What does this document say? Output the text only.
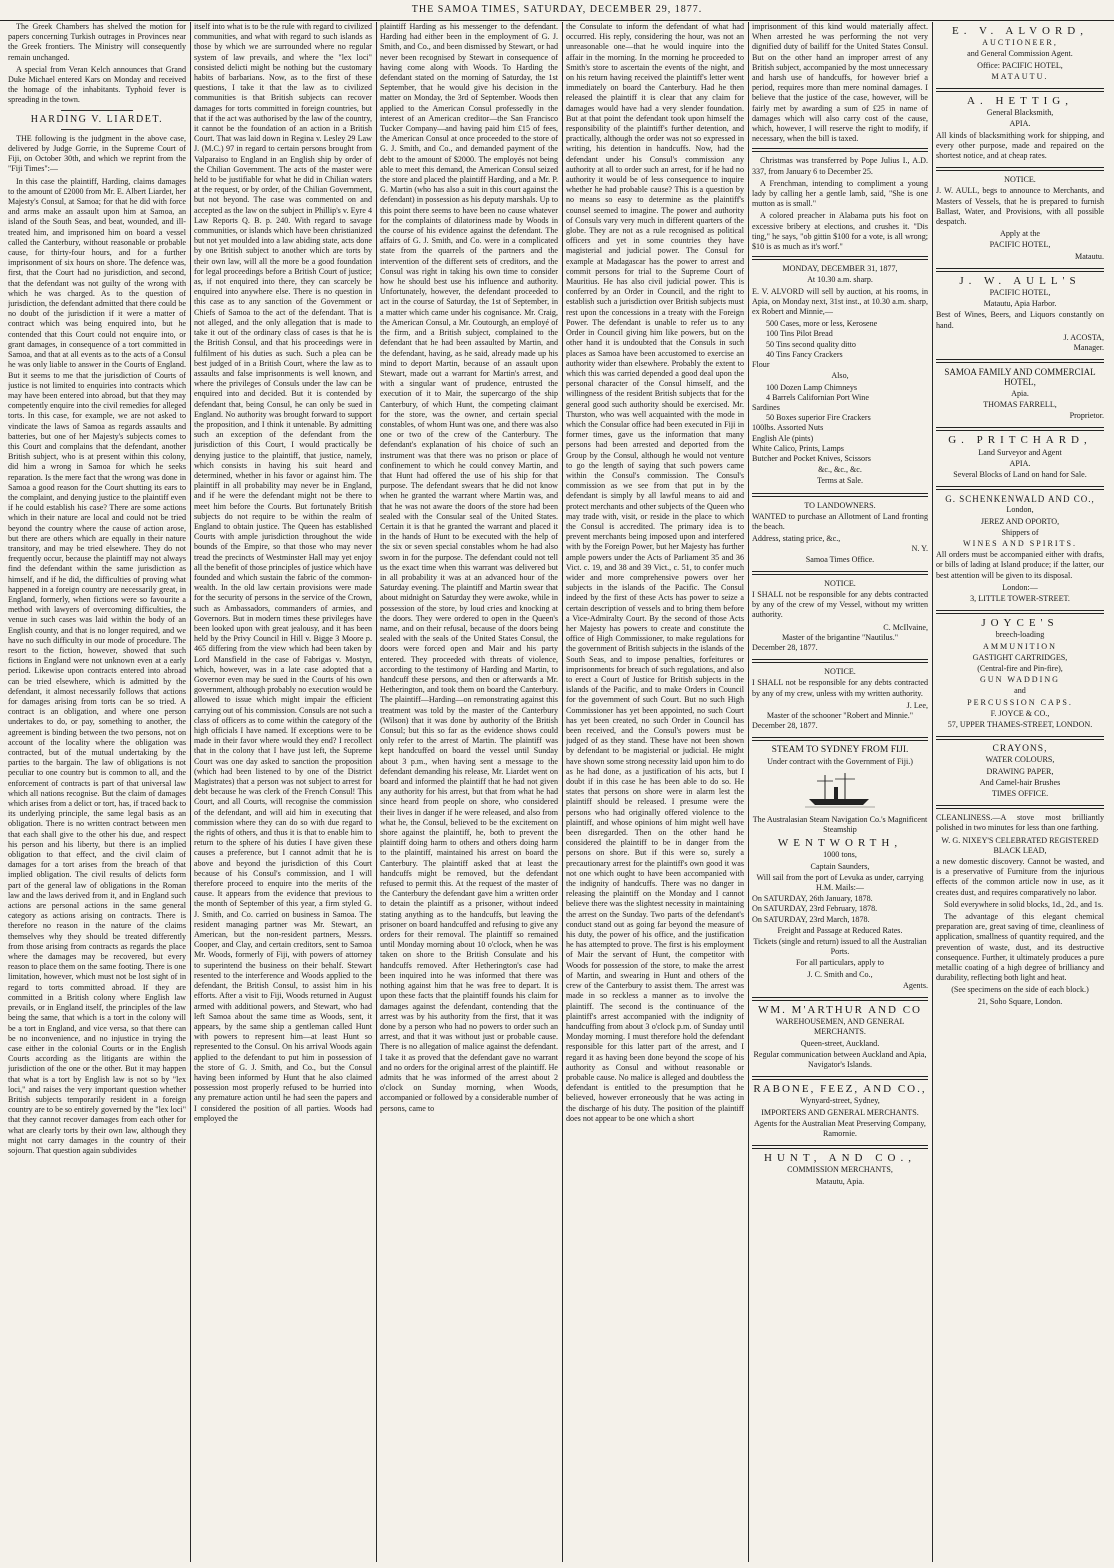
THE SAMOA TIMES, SATURDAY, DECEMBER 29, 1877.

The Greek Chambers has shelved the motion for papers concerning Turkish outrages in Provinces near the Greek frontiers. The Ministry will consequently remain unchanged.

A special from Veran Kelch announces that Grand Duke Michael entered Kars on Monday and received the homage of the inhabitants. Typhoid fever is spreading in the town.

HARDING V. LIARDET.

THE following is the judgment in the above case, delivered by Judge Gorrie, in the Supreme Court of Fiji, on October 30th, and which we reprint from the "Fiji Times":—

In this case the plaintiff, Harding, claims damages to the amount of £2000 from Mr. E. Albert Liardet, her Majesty's Consul, at Samoa; for that he did with force and arms make an assault upon him at Samoa, an island of the South Seas, and beat, wounded, and ill-treated him, and imprisoned him on board a vessel called the Canterbury, without reasonable or probable cause, for thirty-four hours, and for a further imprisonment of six hours on shore. The defence was, first, that the Court had no jurisdiction, and second, that the defendant was not guilty of the wrong with which he was charged. As to the question of jurisdiction, the defendant admitted that there could be no doubt of the jurisdiction if it were a matter of contract which was being enquired into, but he contended that this Court could not enquire into, or grant damages, in consequence of a tort committed in Samoa, and that at all events as to the acts of a Consul he was only liable to answer in the Courts of England. But it seems to me that the jurisdiction of Courts of justice is not limited to enquiries into contracts which may have been entered into abroad, but that they may competently enquire into the civil remedies for alleged torts. In this case, for example, we are not asked to vindicate the laws of Samoa as regards assaults and batteries, but one of her Majesty's subjects comes to this Court and complains that the defendant, another British subject, who is at present within this colony, did him a wrong in Samoa for which he seeks reparation. Is the mere fact that the wrong was done in Samoa a good reason for the Court shutting its ears to the complaint, and denying justice to the plaintiff even if he could establish his case? There are some actions which in their nature are local and could not be tried beyond the country where the cause of action arose, but there are others which are equally in their nature transitory, and may be tried elsewhere. They do not frequently occur, because the plaintiff may not always find the defendant within the same jurisdiction as himself, and if he did, the difficulties of proving what happened in a foreign country are necessarily great, in England, formerly, when fictions were so favourite a method with lawyers of overcoming difficulties, the venue in such cases was laid within the body of an English county, and that is no longer required, and we have no such difficulty in our mode of procedure. The resort to the fiction, however, showed that such fictions in England were not unknown even at a early period. Likewise upon contracts entered into abroad can be tried elsewhere, which is admitted by the defendant, it almost necessarily follows that actions for damages arising from torts can be so tried. A contract is an obligation, and where one person undertakes to do, or pay, something to another, the agreement is binding between the two persons, not on account of the locality where the obligation was contracted, but of the mutual undertaking by the parties to the bargain. The law of obligations is not peculiar to one country but is common to all, and the enforcement of contracts is part of that universal law which all nations recognise. But the claim of damages which arises from a delict or tort, has, if traced back to its underlying principle, the same legal basis as an obligation. There is no written contract between men that each shall give to the other his due, and respect his person and his liberty, but there is an implied obligation to that effect, and the civil claim of damages for a tort arises from the breach of that implied obligation. The civil results of delicts form part of the general law of obligations in the Roman law and the laws derived from it, and in England such actions are personal actions in the same general category as actions arising on contracts. There is therefore no reason in the nature of the claims themselves why they should be treated differently from those arising from contracts as regards the place where the damages may be recovered, but every reason to place them on the same footing. There is one limitation, however, which must not be lost sight of in regard to torts committed abroad. If they are committed in a British colony where English law prevails, or in England itself, the principles of the law being the same, that which is a tort in the colony will be a tort in England, and vice versa, so that there can be no inconvenience, and no injustice in trying the case either in the colonial Courts or in the English Courts according as the litigants are within the jurisdiction of the one or the other. But it may happen that what is a tort by English law is not so by "lex loci," and raises the very important question whether British subjects temporarily resident in a foreign country are to be so entirely governed by the "lex loci" that they cannot recover damages from each other for what are clearly torts by their own law, although they might not carry damages in the country of their sojourn. That question again subdivides

itself into what is to be the rule with regard to civilized communities, and what with regard to such islands as those by which we are surrounded where no regular system of law prevails, and where the "lex loci" consisted delicti might be nothing but the customary habits of barbarians. Now, as to the first of these questions, I take it that the law as to civilized communities is that British subjects can recover damages for torts committed in foreign countries, but that if the act was authorised by the law of the country, it cannot be the foundation of an action in a British Court. That was laid down in Regina v. Lesley 29 Law J. (M.C.) 97 in regard to certain persons brought from Valparaiso to England in an English ship by order of the Chilian Government. The acts of the master were held to be justifiable for what he did in Chilian waters at the request, or by order, of the Chilian Government, but not beyond. The case was commented on and accepted as the law on the subject in Phillip's v. Eyre 4 Law Reports Q. B. p. 240. With regard to savage communities, or islands which have been christianized but not yet moulded into a law abiding state, acts done by one British subject to another which are torts by their own law, will all the more be a good foundation for legal proceedings before a British Court of justice; as, if not enquired into there, they can scarcely be enquired into anywhere else. There is no question in this case as to any sanction of the Government or Chiefs of Samoa to the act of the defendant. That is not alleged, and the only allegation that is made to take it out of the ordinary class of cases is that he is the British Consul, and that his proceedings were in fulfilment of his duties as such. Such a plea can be best judged of in a British Court, where the law as to assaults and false imprisonments is well known, and where the privileges of Consuls under the law can be enquired into and decided. But it is contended by defendant that, being Consul, he can only be sued in England. No authority was brought forward to support the proposition, and I think it untenable. By admitting such an exception of the defendant from the jurisdiction of this Court, I would practically be denying justice to the plaintiff, that justice, namely, which consists in having his suit heard and determined, whether in his favor or against him. The plaintiff in all probability may never be in England, and if he were the defendant might not be there to meet him before the Courts. But fortunately British subjects do not require to be within the realm of England to obtain justice. The Queen has established Courts with ample jurisdiction throughout the wide bounds of the Empire, so that those who may never tread the precincts of Westminster Hall may yet enjoy all the benefit of those principles of justice which have founded and which sustain the fabric of the common-wealth. In the old law certain provisions were made for the security of persons in the service of the Crown, such as Ambassadors, commanders of armies, and Governors. But in modern times these privileges have been looked upon with great jealousy, and it has been held by the Privy Council in Hill v. Bigge 3 Moore p. 465 differing from the view which had been taken by Lord Mansfield in the case of Fabrigas v. Mostyn, which, however, was in a late case adopted that a Governor even may be sued in the Courts of his own government, although probably no execution would be allowed to issue which might impair the efficient carrying out of his commission. Consuls are not such a class of officers as to come within the category of the high officials I have named. If exceptions were to be made in their favor where would they end? I recollect that in the colony that I have just left, the Supreme Court was one day asked to sanction the proposition (which had been listened to by one of the District Magistrates) that a person was not subject to arrest for debt because he was clerk of the French Consul! This Court, and all Courts, will recognise the commission of the defendant, and will aid him in executing that commission where they can do so with due regard to the rights of others, and thus it is that to enable him to return to the sphere of his duties I have given these causes a preference, but I cannot admit that he is above and beyond the jurisdiction of this Court because of his Consul's commission, and I will therefore proceed to enquire into the merits of the cause. It appears from the evidence that previous to the month of September of this year, a firm styled G. J. Smith, and Co. carried on business in Samoa. The resident managing partner was Mr. Stewart, an American, but the non-resident partners, Messrs. Cooper, and Clay, and certain creditors, sent to Samoa Mr. Woods, formerly of Fiji, with powers of attorney to superintend the business on their behalf. Stewart resented to the interference and Woods applied to the defendant, the British Consul, to assist him in his efforts. After a visit to Fiji, Woods returned in August armed with additional powers, and Stewart, who had left Samoa about the same time as Woods, sent, it appears, by the same ship a gentleman called Hunt with powers to represent him—at least Hunt so represented to the Consul. On his arrival Woods again applied to the defendant to put him in possession of the store of G. J. Smith, and Co., but the Consul having been informed by Hunt that he also claimed possession most properly refused to be hurried into any premature action until he had seen the papers and I considered the position of all parties. Woods had employed the

plaintiff Harding as his messenger to the defendant. Harding had either been in the employment of G. J. Smith, and Co., and been dismissed by Stewart, or had never been recognised by Stewart in consequence of having come along with Woods. To Harding the defendant stated on the morning of Saturday, the 1st September, that he would give his decision in the matter on Monday, the 3rd of September. Woods then applied to the American Consul professedly in the interest of an American creditor—the San Francisco Tucker Company—and having paid him £15 of fees, the American Consul at once proceeded to the store of G. J. Smith, and Co., and demanded payment of the debt to the amount of $2000. The employés not being able to meet this demand, the American Consul seized the store and placed the plaintiff Harding, and a Mr. P. G. Martin (who has also a suit in this court against the defendant) in possession as his deputy marshals. Up to this point there seems to have been no cause whatever for the complaints of dilatoriness made by Woods in the course of his evidence against the defendant. The affairs of G. J. Smith, and Co. were in a complicated state from the quarrels of the partners and the intervention of the different sets of creditors, and the Consul was right in taking his own time to consider how he should best use his influence and authority. Unfortunately, however, the defendant proceeded to act in the course of Saturday, the 1st of September, in a matter which came under his cognisance. Mr. Craig, the American Consul, a Mr. Coutourgh, an employé of the firm, and a British subject, complained to the defendant that he had been assaulted by Martin, and the defendant, having, as he said, already made up his mind to deport Martin, because of an assault upon Stewart, made out a warrant for Martin's arrest, and with a singular want of prudence, entrusted the execution of it to Mair, the supercargo of the ship Canterbury, of which Hunt, the competing claimant for the store, was the owner, and certain special constables, of whom Hunt was one, and there was also one or two of the crew of the Canterbury. The defendant's explanation of his choice of such an instrument was that there was no prison or place of confinement to which he could convey Martin, and that Hunt had offered the use of his ship for that purpose. The defendant swears that he did not know when he granted the warrant where Martin was, and that he was not aware the doors of the store had been sealed with the Consular seal of the United States. Certain it is that he granted the warrant and placed it in the hands of Hunt to be executed with the help of the six or seven special constables whom he had also sworn in for the purpose. The defendant could not tell us the exact time when this warrant was delivered but in all probability it was at an advanced hour of the Saturday evening. The plaintiff and Martin swear that about midnight on Saturday they were awoke, while in possession of the store, by loud cries and knocking at the doors. They were ordered to open in the Queen's name, and on their refusal, because of the doors being sealed with the seals of the United States Consul, the doors were forced open and Mair and his party entered. They proceeded with threats of violence, according to the testimony of Harding and Martin, to handcuff these persons, and then or afterwards a Mr. Hetherington, and took them on board the Canterbury. The plaintiff—Harding—on remonstrating against this treatment was told by the master of the Canterbury (Wilson) that it was done by authority of the British Consul; but this so far as the evidence shows could only refer to the arrest of Martin. The plaintiff was kept handcuffed on board the vessel until Sunday about 3 p.m., when having sent a message to the defendant demanding his release, Mr. Liardet went on board and informed the plaintiff that he had not given any authority for his arrest, but that from what he had since heard from people on shore, who considered their lives in danger if he were released, and also from what he, the Consul, believed to be the excitement on shore against the plaintiff, he, both to prevent the plaintiff doing harm to others and others doing harm to the plaintiff, maintained his arrest on board the Canterbury. The plaintiff asked that at least the handcuffs might be removed, but the defendant refused to permit this. At the request of the master of the Canterbury the defendant gave him a written order to detain the plaintiff as a prisoner, without indeed stating anything as to the handcuffs, but leaving the prisoner on board handcuffed and refusing to give any orders for their removal. The plaintiff so remained until Monday morning about 10 o'clock, when he was taken on shore to the British Consulate and his handcuffs removed. After Hetherington's case had been inquired into he was informed that there was nothing against him that he was free to depart. It is upon these facts that the plaintiff founds his claim for damages against the defendant, contending that the arrest was by his authority from the first, that it was done by a person who had no powers to order such an arrest, and that it was without just or probable cause. There is no allegation of malice against the defendant. I take it as proved that the defendant gave no warrant and no orders for the original arrest of the plaintiff. He admits that he was informed of the arrest about 2 o'clock on Sunday morning, when Woods, accompanied or followed by a considerable number of persons, came to

the Consulate to inform the defendant of what had occurred. His reply, considering the hour, was not an unreasonable one—that he would inquire into the affair in the morning. In the morning he proceeded to Smith's store to ascertain the events of the night, and on his return having received the plaintiff's letter went immediately on board the Canterbury. Had he then released the plaintiff it is clear that any claim for damages would have had a very slender foundation. But at that point the defendant took upon himself the responsibility of the plaintiff's further detention, and practically, although the order was not so expressed in writing, his detention in handcuffs. Now, had the defendant under his Consul's commission any authority at all to order such an arrest, for if he had no authority it would be of less consequence to inquire whether he had probable cause? This is a question by no means so easy to determine as the plaintiff's counsel seemed to imagine. The power and authority of Consuls vary very much in different quarters of the globe. They are not as a rule recognised as political officers and yet in some countries they have magisterial and judicial power. The Consul for example at Madagascar has the power to arrest and commit persons for trial to the Supreme Court of Mauritius. He has also civil judicial power. This is conferred by an Order in Council, and the right to establish such a jurisdiction over British subjects must rest upon the concessions in a treaty with the Foreign Power. The defendant is unable to refer us to any Order in Council giving him like powers, but on the other hand it is undoubted that the Consuls in such places as Samoa have been accustomed to exercise an authority wider than elsewhere. Probably the extent to which this was carried depended a good deal upon the personal character of the Consul himself, and the willingness of the resident British subjects that for the general good such authority should be exercised. Mr. Thurston, who was well acquainted with the mode in which the Consular office had been executed in Fiji in former times, gave us the information that many persons had been arrested and deported from the Group by the Consul, although he would not venture to go the length of saying that such powers came within the Consul's commission. The Consul's commission as we see from that put in by the defendant is simply by all lawful means to aid and protect merchants and other subjects of the Queen who may trade with, visit, or reside in the place to which the Consul is accredited. The primary idea is to prevent merchants being imposed upon and interfered with by the Foreign Power, but her Majesty has further ample powers under the Acts of Parliament 35 and 36 Vict. c. 19, and 38 and 39 Vict., c. 51, to confer much wider and more comprehensive powers over her subjects in the islands of the Pacific. The Consul indeed by the first of these Acts has power to seize a certain description of vessels and to bring them before a Vice-Admiralty Court. By the second of those Acts her Majesty has powers to create and constitute the office of High Commissioner, to make regulations for the government of British subjects in the islands of the South Seas, and to impose penalties, forfeitures or imprisonments for breach of such regulations, and also to erect a Court of Justice for British subjects in the islands of the Pacific, and to make Orders in Council for the government of such Court. But no such High Commissioner has yet been appointed, no such Court has yet been created, no such Order in Council has been received, and the Consul's powers must be judged of as they stand. These have not been shown by defendant to be magisterial or judicial. He might have shown some strong necessity laid upon him to do as he had done, as a justification of his acts, but I doubt if in this case he has been able to do so. He states that persons on shore were in alarm lest the plaintiff should be released. I presume were the persons who had originally offered violence to the plaintiff, and whose opinions of him might well have been disregarded. Then on the other hand he considered the plaintiff to be in danger from the persons on shore. But if this were so, surely a precautionary arrest for the plaintiff's own good it was not one which ought to have been accompanied with the indignity of handcuffs. There was no danger in releasing the plaintiff on the Monday and I cannot believe there was the slightest necessity in maintaining the arrest on the Sunday. Two parts of the defendant's conduct stand out as going far beyond the measure of his duty, the power of his office, and the justification he has attempted to prove. The first is his employment of Mair the servant of Hunt, the competitor with Woods for possession of the store, to make the arrest of Martin, and swearing in Hunt and others of the crew of the Canterbury to assist them. The arrest was made in so reckless a manner as to involve the plaintiff. The second is the continuance of the plaintiff's arrest accompanied with the indignity of handcuffing from about 3 o'clock p.m. of Sunday until Monday morning. I must therefore hold the defendant responsible for this latter part of the arrest, and I regard it as having been done beyond the scope of his authority as Consul and without reasonable or probable cause. No malice is alleged and doubtless the defendant is entitled to the presumption that he believed, however erroneously that he was acting in the discharge of his duty. The position of the plaintiff does not appear to be one which a short

imprisonment of this kind would materially affect. When arrested he was performing the not very dignified duty of bailiff for the United States Consul. But on the other hand an improper arrest of any British subject, accompanied by the most unnecessary and harsh use of handcuffs, for however brief a period, requires more than mere nominal damages. I believe that the justice of the case, however, will be fairly met by awarding a sum of £25 in name of damages which will also carry cost of the cause, which, however, I will reserve the right to modify, if necessary, when the bill is taxed.

Christmas was transferred by Pope Julius I., A.D. 337, from January 6 to December 25.

A Frenchman, intending to compliment a young lady by calling her a gentle lamb, said, "She is one mutton as is small."

A colored preacher in Alabama puts his foot on excessive bribery at elections, and crushes it. "Dis ting," he says, "ob gittin $100 for a vote, is all wrong; $10 is as much as it's worf."

MONDAY, DECEMBER 31, 1877,
At 10.30 a.m. sharp.

E. V. ALVORD will sell by auction, at his rooms, in Apia, on Monday next, 31st inst., at 10.30 a.m. sharp, ex Robert and Minnie,—

500 Cases, more or less, Kerosene
100 Tins Pilot Bread
50 Tins second quality ditto
40 Tins Fancy Crackers
Flour
Also,
100 Dozen Lamp Chimneys
4 Barrels Californian Port Wine
Sardines
50 Boxes superior Fire Crackers
100lbs. Assorted Nuts
English Ale (pints)
White Calico, Prints, Lamps
Butcher and Pocket Knives, Scissors
&c., &c., &c.
Terms at Sale.
TO LANDOWNERS.

WANTED to purchase an Allotment of Land fronting the beach.

Address, stating price, &c.,
N. Y.
Samoa Times Office.
NOTICE.

I SHALL not be responsible for any debts contracted by any of the crew of my Vessel, without my written authority.

C. McIlvaine,
Master of the brigantine "Nautilus."
December 28, 1877.
NOTICE.

I SHALL not be responsible for any debts contracted by any of my crew, unless with my written authority.

J. Lee,
Master of the schooner "Robert and Minnie."
December 28, 1877.
STEAM TO SYDNEY FROM FIJI.
Under contract with the Government of Fiji.)
The Australasian Steam Navigation Co.'s Magnificent Steamship
WENTWORTH,
1000 tons,
Captain Saunders,
Will sail from the port of Levuka as under, carrying H.M. Mails:—
On SATURDAY, 26th January, 1878.
On SATURDAY, 23rd February, 1878.
On SATURDAY, 23rd March, 1878.
Freight and Passage at Reduced Rates.
Tickets (single and return) issued to all the Australian Ports.
For all particulars, apply to
J. C. Smith and Co.,
Agents.
WM. M'ARTHUR AND CO
WAREHOUSEMEN, AND GENERAL MERCHANTS.
Queen-street, Auckland.
Regular communication between Auckland and Apia, Navigator's Islands.
RABONE, FEEZ, AND CO.,
Wynyard-street, Sydney,
IMPORTERS AND GENERAL MERCHANTS.
Agents for the Australian Meat Preserving Company, Ramornie.
HUNT, AND CO.,
COMMISSION MERCHANTS,
Matautu, Apia.
E. V. ALVORD,
AUCTIONEER,
and General Commission Agent.
Office: PACIFIC HOTEL,
MATAUTU.
A. HETTIG,
General Blacksmith,
APIA.

All kinds of blacksmithing work for shipping, and every other purpose, made and repaired on the shortest notice, and at cheap rates.

NOTICE.

J. W. AULL, begs to announce to Merchants, and Masters of Vessels, that he is prepared to furnish Ballast, Water, and Provisions, with all possible despatch.

Apply at the
PACIFIC HOTEL,
Matautu.
J. W. AULL'S
PACIFIC HOTEL,
Matautu, Apia Harbor.

Best of Wines, Beers, and Liquors constantly on hand.

J. ACOSTA,
Manager.
SAMOA FAMILY AND COMMERCIAL HOTEL,
Apia.
THOMAS FARRELL,
Proprietor.
G. PRITCHARD,
Land Surveyor and Agent
APIA.
Several Blocks of Land on hand for Sale.
G. SCHENKENWALD AND CO.,
London,
JEREZ AND OPORTO,
Shippers of
WINES AND SPIRITS.

All orders must be accompanied either with drafts, or bills of lading at Island produce; if the latter, our best attention will be given to its disposal.

London:—
3, LITTLE TOWER-STREET.
JOYCE'S
breech-loading
AMMUNITION
GASTIGHT CARTRIDGES,
(Central-fire and Pin-fire),
GUN WADDING
and
PERCUSSION CAPS.
F. JOYCE & CO.,
57, UPPER THAMES-STREET, LONDON.
CRAYONS,
WATER COLOURS,
DRAWING PAPER,
And Camel-hair Brushes
TIMES OFFICE.

CLEANLINESS.—A stove most brilliantly polished in two minutes for less than one farthing.

W. G. NIXEY'S CELEBRATED REGISTERED BLACK LEAD,

a new domestic discovery. Cannot be wasted, and is a preservative of Furniture from the injurious effects of the common article now in use, as it creates dust, and requires comparatively no labor.

Sold everywhere in solid blocks, 1d., 2d., and 1s.

The advantage of this elegant chemical preparation are, great saving of time, cleanliness of application, smallness of quantity required, and the prevention of waste, dust, and its destructive consequence. Further, it ultimately produces a pure metallic coating of a high degree of brilliancy and durability, reflecting both light and heat.

(See specimens on the side of each block.)
21, Soho Square, London.
